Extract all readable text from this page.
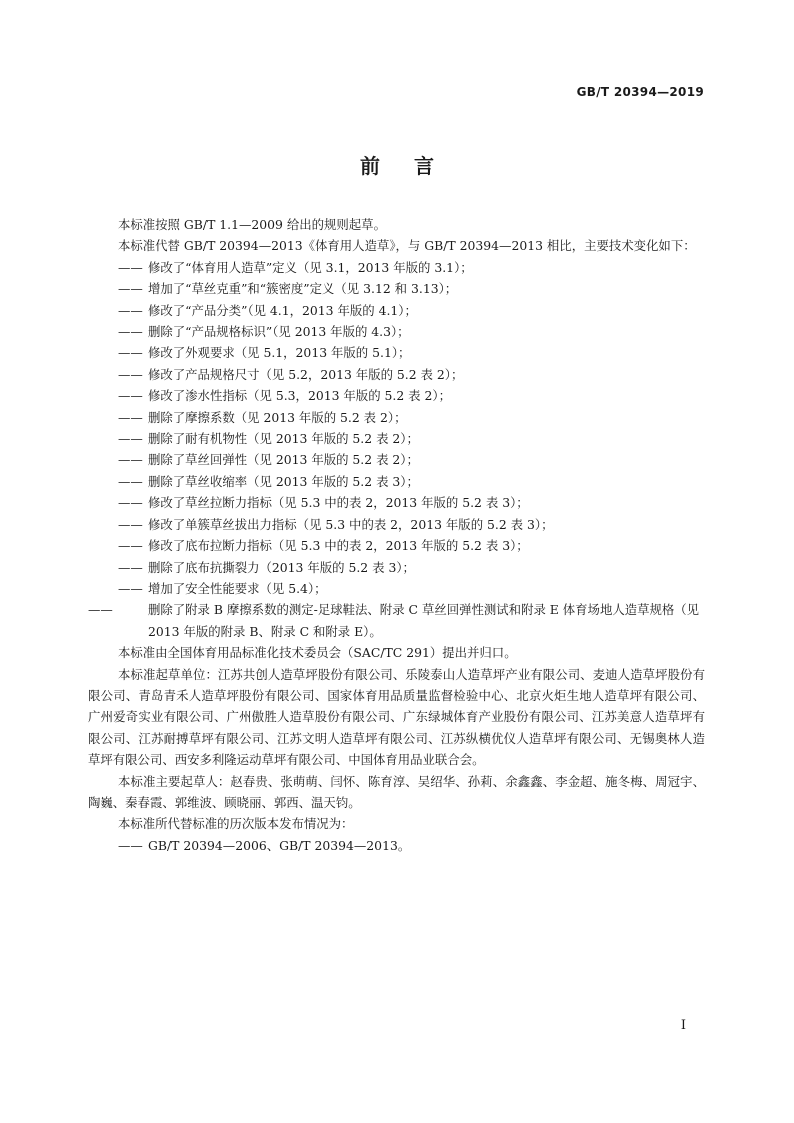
GB/T 20394—2019
前 言

本标准按照 GB/T 1.1—2009 给出的规则起草。

本标准代替 GB/T 20394—2013《体育用人造草》，与 GB/T 20394—2013 相比，主要技术变化如下：

—— 修改了“体育用人造草”定义（见 3.1，2013 年版的 3.1）；

—— 增加了“草丝克重”和“簇密度”定义（见 3.12 和 3.13）；

—— 修改了“产品分类”（见 4.1，2013 年版的 4.1）；

—— 删除了“产品规格标识”（见 2013 年版的 4.3）；

—— 修改了外观要求（见 5.1，2013 年版的 5.1）；

—— 修改了产品规格尺寸（见 5.2，2013 年版的 5.2 表 2）；

—— 修改了渗水性指标（见 5.3，2013 年版的 5.2 表 2）；

—— 删除了摩擦系数（见 2013 年版的 5.2 表 2）；

—— 删除了耐有机物性（见 2013 年版的 5.2 表 2）；

—— 删除了草丝回弹性（见 2013 年版的 5.2 表 2）；

—— 删除了草丝收缩率（见 2013 年版的 5.2 表 3）；

—— 修改了草丝拉断力指标（见 5.3 中的表 2，2013 年版的 5.2 表 3）；

—— 修改了单簇草丝拔出力指标（见 5.3 中的表 2，2013 年版的 5.2 表 3）；

—— 修改了底布拉断力指标（见 5.3 中的表 2，2013 年版的 5.2 表 3）；

—— 删除了底布抗撕裂力（2013 年版的 5.2 表 3）；

—— 增加了安全性能要求（见 5.4）；

——	删除了附录 B 摩擦系数的测定-足球鞋法、附录 C 草丝回弹性测试和附录 E 体育场地人造草规格（见 2013 年版的附录 B、附录 C 和附录 E）。

本标准由全国体育用品标准化技术委员会（SAC/TC 291）提出并归口。

本标准起草单位：江苏共创人造草坪股份有限公司、乐陵泰山人造草坪产业有限公司、麦迪人造草坪股份有限公司、青岛青禾人造草坪股份有限公司、国家体育用品质量监督检验中心、北京火炬生地人造草坪有限公司、广州爱奇实业有限公司、广州傲胜人造草股份有限公司、广东绿城体育产业股份有限公司、江苏美意人造草坪有限公司、江苏耐搏草坪有限公司、江苏文明人造草坪有限公司、江苏纵横优仪人造草坪有限公司、无锡奥林人造草坪有限公司、西安多利隆运动草坪有限公司、中国体育用品业联合会。

本标准主要起草人：赵春贵、张萌萌、闫怀、陈育淳、吴绍华、孙莉、余鑫鑫、李金超、施冬梅、周冠宇、陶巍、秦春霞、郭维波、顾晓丽、郭西、温天钧。

本标准所代替标准的历次版本发布情况为：

—— GB/T 20394—2006、GB/T 20394—2013。

I
